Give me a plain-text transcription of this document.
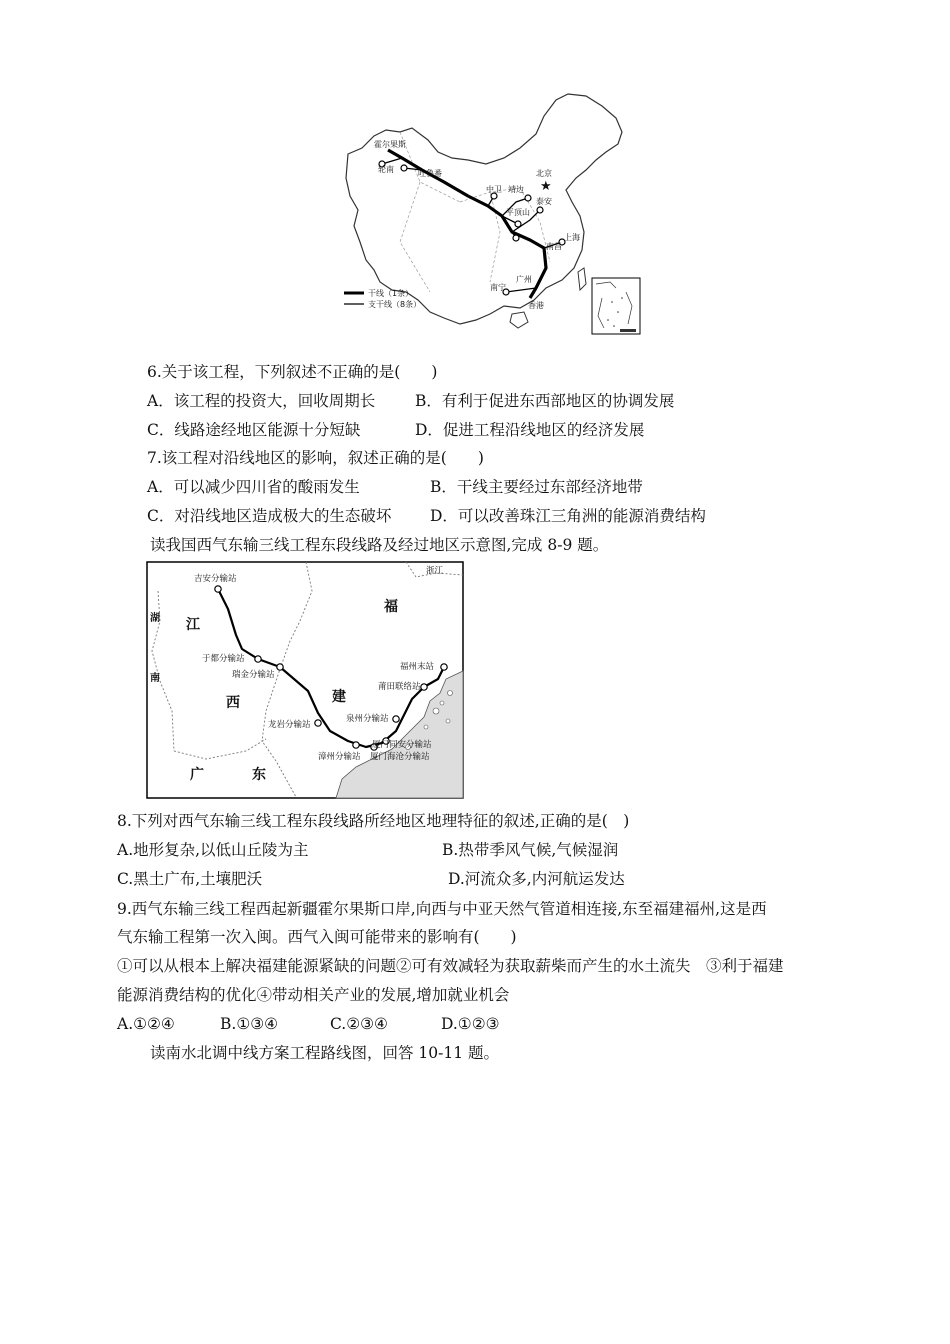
★
霍尔果斯
轮南	吐鲁番	北京
中卫 靖边
泰安
平顶山
上海
南昌
广州
南宁
香港
干线（1条）
支干线（8条）
6.关于该工程，下列叙述不正确的是(　　)
A．该工程的投资大，回收周期长	B．有利于促进东西部地区的协调发展
C．线路途经地区能源十分短缺	D．促进工程沿线地区的经济发展
7.该工程对沿线地区的影响，叙述正确的是(　　)
A．可以减少四川省的酸雨发生	B．干线主要经过东部经济地带
C．对沿线地区造成极大的生态破坏 D．可以改善珠江三角洲的能源消费结构
读我国西气东输三线工程东段线路及经过地区示意图,完成 8-9 题。
吉安分输站
于都分输站
瑞金分输站
龙岩分输站
漳州分输站 厦门海沧分输站
厦门同安分输站
泉州分输站
莆田联络站
福州末站
浙江
福
建
江
西
广	东
湖
南
8.下列对西气东输三线工程东段线路所经地区地理特征的叙述,正确的是(　)
A.地形复杂,以低山丘陵为主	B.热带季风气候,气候湿润
C.黑土广布,土壤肥沃	D.河流众多,内河航运发达
9.西气东输三线工程西起新疆霍尔果斯口岸,向西与中亚天然气管道相连接,东至福建福州,这是西
气东输工程第一次入闽。西气入闽可能带来的影响有(　　)
①可以从根本上解决福建能源紧缺的问题②可有效减轻为获取薪柴而产生的水土流失　③利于福建
能源消费结构的优化④带动相关产业的发展,增加就业机会
A.①②④	B.①③④	C.②③④	D.①②③
读南水北调中线方案工程路线图，回答 10-11 题。
